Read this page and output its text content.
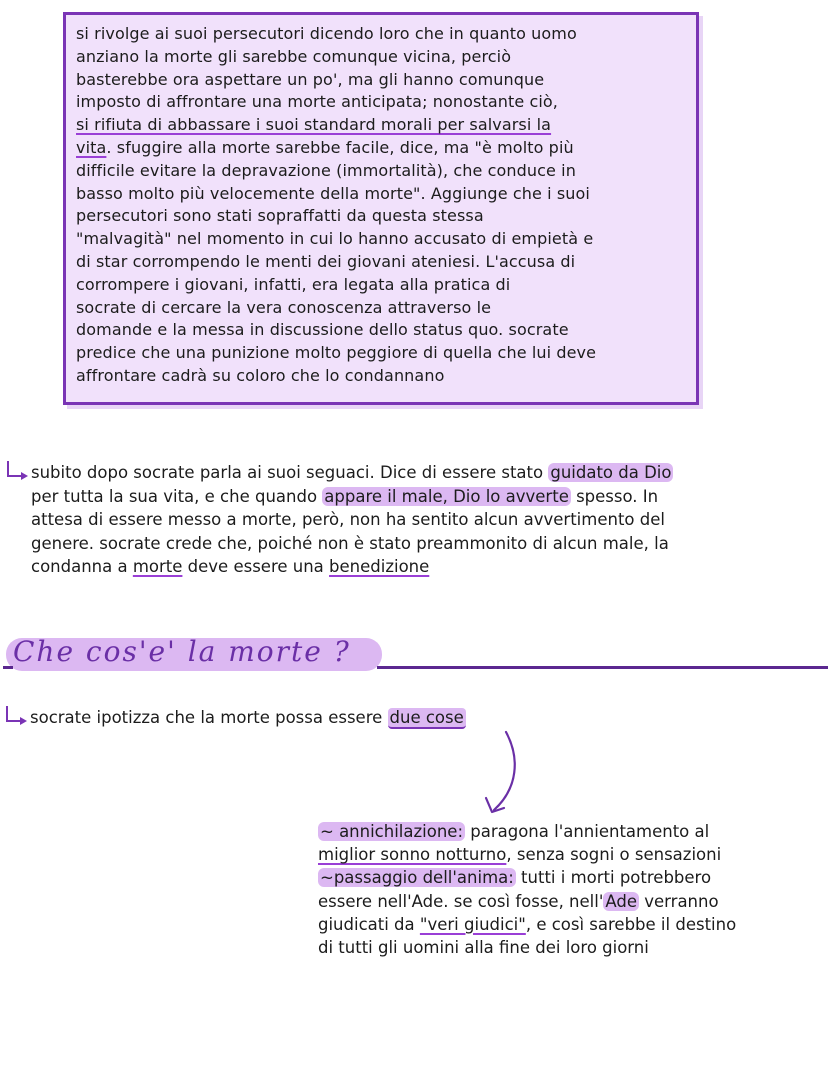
si rivolge ai suoi persecutori dicendo loro che in quanto uomo
anziano la morte gli sarebbe comunque vicina, perciò
basterebbe ora aspettare un po', ma gli hanno comunque
imposto di affrontare una morte anticipata; nonostante ciò,
si rifiuta di abbassare i suoi standard morali per salvarsi la
vita. sfuggire alla morte sarebbe facile, dice, ma "è molto più
difficile evitare la depravazione (immortalità), che conduce in
basso molto più velocemente della morte". Aggiunge che i suoi
persecutori sono stati sopraffatti da questa stessa
"malvagità" nel momento in cui lo hanno accusato di empietà e
di star corrompendo le menti dei giovani ateniesi. L'accusa di
corrompere i giovani, infatti, era legata alla pratica di
socrate di cercare la vera conoscenza attraverso le
domande e la messa in discussione dello status quo. socrate
predice che una punizione molto peggiore di quella che lui deve
affrontare cadrà su coloro che lo condannano

subito dopo socrate parla ai suoi seguaci. Dice di essere stato guidato da Dio
per tutta la sua vita, e che quando appare il male, Dio lo avverte spesso. In
attesa di essere messo a morte, però, non ha sentito alcun avvertimento del
genere. socrate crede che, poiché non è stato preammonito di alcun male, la
condanna a morte deve essere una benedizione

Che cos'e' la morte ?

socrate ipotizza che la morte possa essere due cose

~ annichilazione: paragona l'annientamento al
miglior sonno notturno, senza sogni o sensazioni
~passaggio dell'anima: tutti i morti potrebbero
essere nell'Ade. se così fosse, nell' Ade verranno
giudicati da "veri giudici", e così sarebbe il destino
di tutti gli uomini alla fine dei loro giorni
